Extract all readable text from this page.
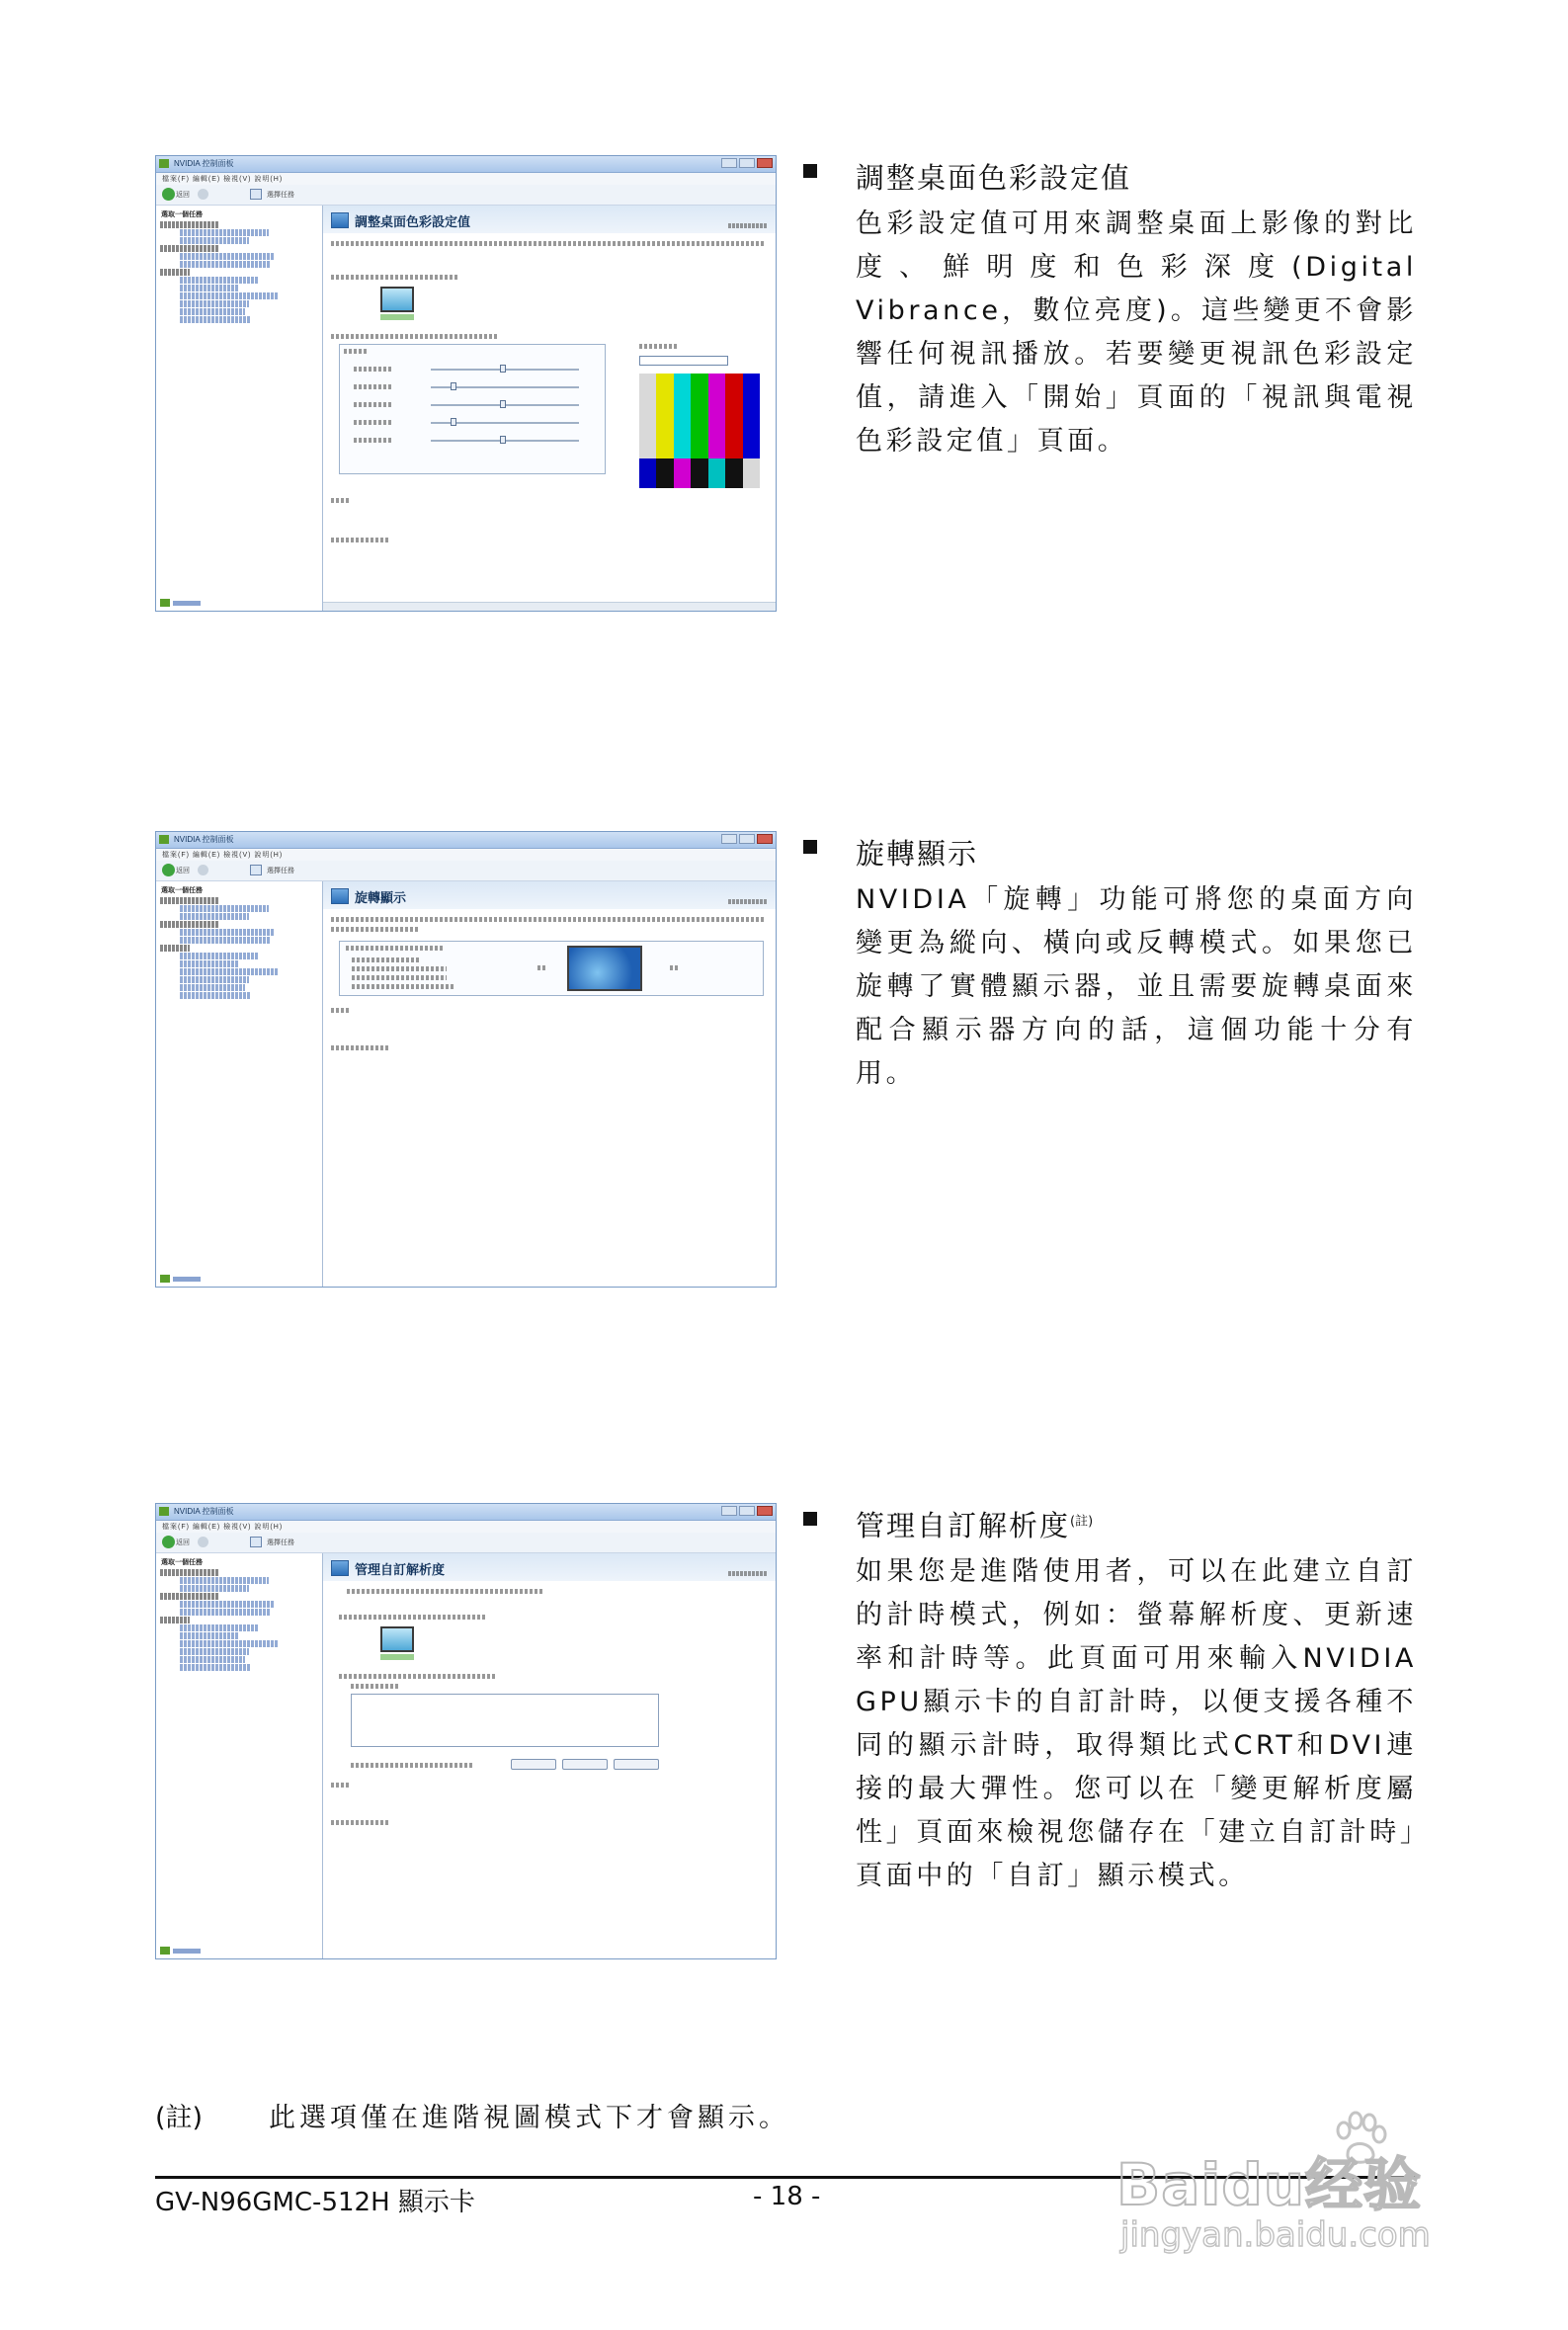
NVIDIA 控制面板
檔案(F) 編輯(E) 檢視(V) 說明(H)
返回	選擇任務
選取一個任務
調整桌面色彩設定值
NVIDIA 控制面板
檔案(F) 編輯(E) 檢視(V) 說明(H)
返回	選擇任務
選取一個任務
旋轉顯示
NVIDIA 控制面板
檔案(F) 編輯(E) 檢視(V) 說明(H)
返回	選擇任務
選取一個任務
管理自訂解析度
調整桌面色彩設定值
色彩設定值可用來調整桌面上影像的對比度、鮮明度和色彩深度(Digital Vibrance，數位亮度)。這些變更不會影響任何視訊播放。若要變更視訊色彩設定值，請進入「開始」頁面的「視訊與電視色彩設定值」頁面。
旋轉顯示
NVIDIA「旋轉」功能可將您的桌面方向變更為縱向、橫向或反轉模式。如果您已旋轉了實體顯示器，並且需要旋轉桌面來配合顯示器方向的話，這個功能十分有用。
管理自訂解析度$^{(註)}$
如果您是進階使用者，可以在此建立自訂的計時模式，例如：螢幕解析度、更新速率和計時等。此頁面可用來輸入NVIDIA GPU顯示卡的自訂計時，以便支援各種不同的顯示計時，取得類比式CRT和DVI連接的最大彈性。您可以在「變更解析度屬性」頁面來檢視您儲存在「建立自訂計時」頁面中的「自訂」顯示模式。
(註) 此選項僅在進階視圖模式下才會顯示。
GV-N96GMC-512H 顯示卡	- 18 -	Baidu经验
jingyan.baidu.com
